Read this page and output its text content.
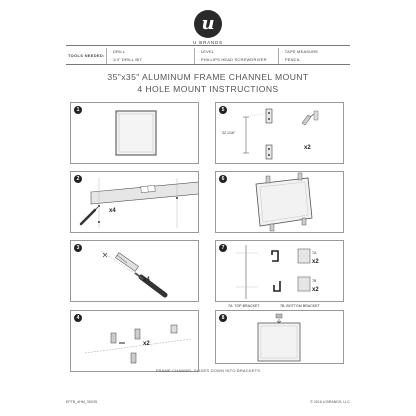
u
U BRANDS
TOOLS NEEDED:
· DRILL	· LEVEL	· TAPE MEASURE
· 1/4" DRILL BIT	· PHILLIPS HEAD SCREWDRIVER	· PENCIL
35"x35" ALUMINUM FRAME CHANNEL MOUNT
4 HOLE MOUNT INSTRUCTIONS
1	5
32 1/16"
x2
2
x4
6
3
x4
7
7A
x2
7B
x2
7A. TOP BRACKET	7B. BOTTOM BRACKET
4
x2
8
FRAME CHANNEL SLIDES DOWN INTO BRACKETS
EFTB_4HM_35X35	© 2016 U BRANDS, LLC
